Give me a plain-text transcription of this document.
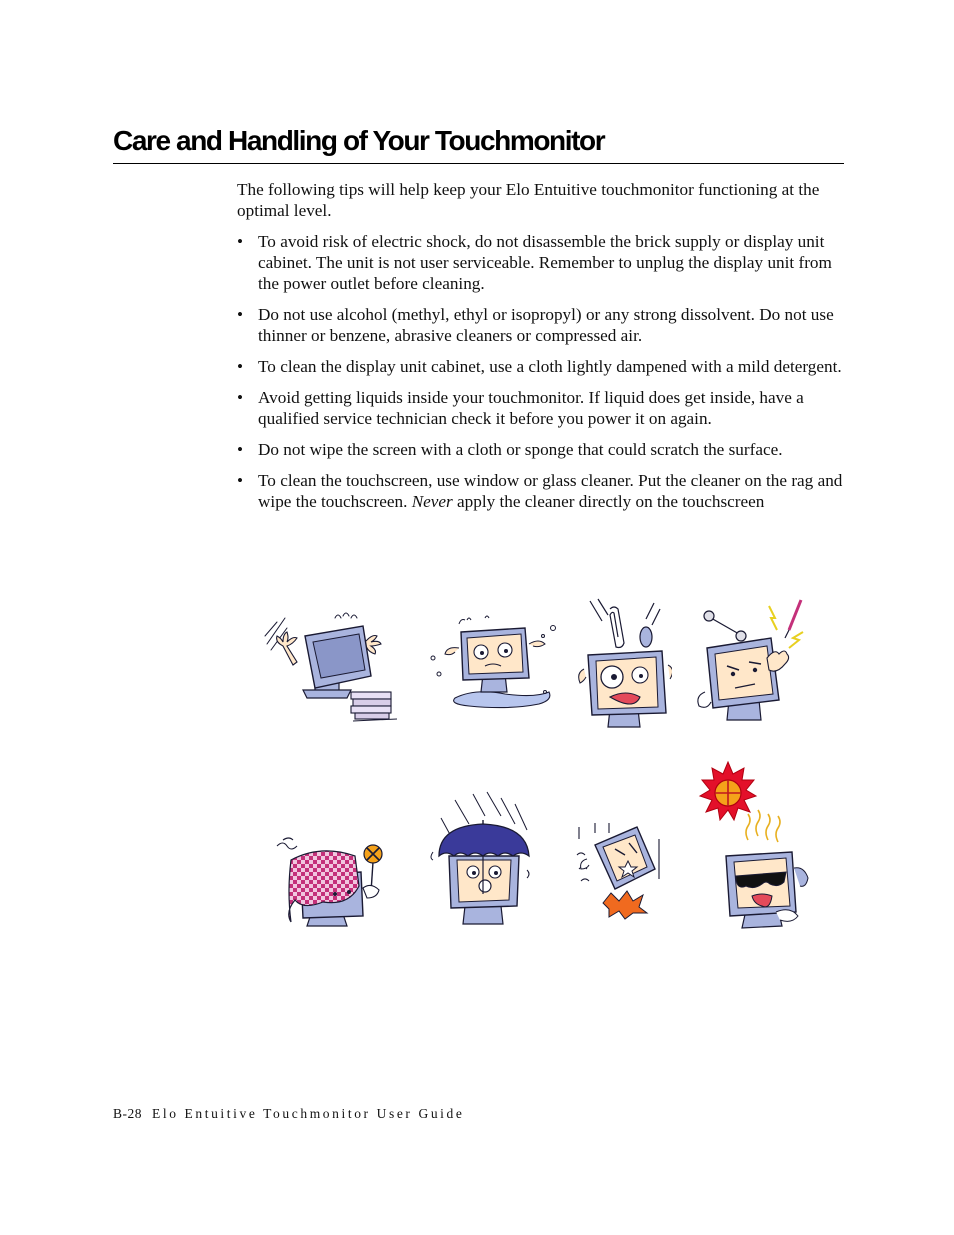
Care and Handling of Your Touchmonitor

The following tips will help keep your Elo Entuitive touchmonitor functioning at the optimal level.

• To avoid risk of electric shock, do not disassemble the brick supply or display unit cabinet. The unit is not user serviceable. Remember to unplug the display unit from the power outlet before cleaning.
• Do not use alcohol (methyl, ethyl or isopropyl) or any strong dissolvent. Do not use thinner or benzene, abrasive cleaners or compressed air.
• To clean the display unit cabinet, use a cloth lightly dampened with a mild detergent.
• Avoid getting liquids inside your touchmonitor. If liquid does get inside, have a qualified service technician check it before you power it on again.
• Do not wipe the screen with a cloth or sponge that could scratch the surface.
• To clean the touchscreen, use window or glass cleaner. Put the cleaner on the rag and wipe the touchscreen. Never apply the cleaner directly on the touchscreen
B-28 Elo Entuitive Touchmonitor User Guide
